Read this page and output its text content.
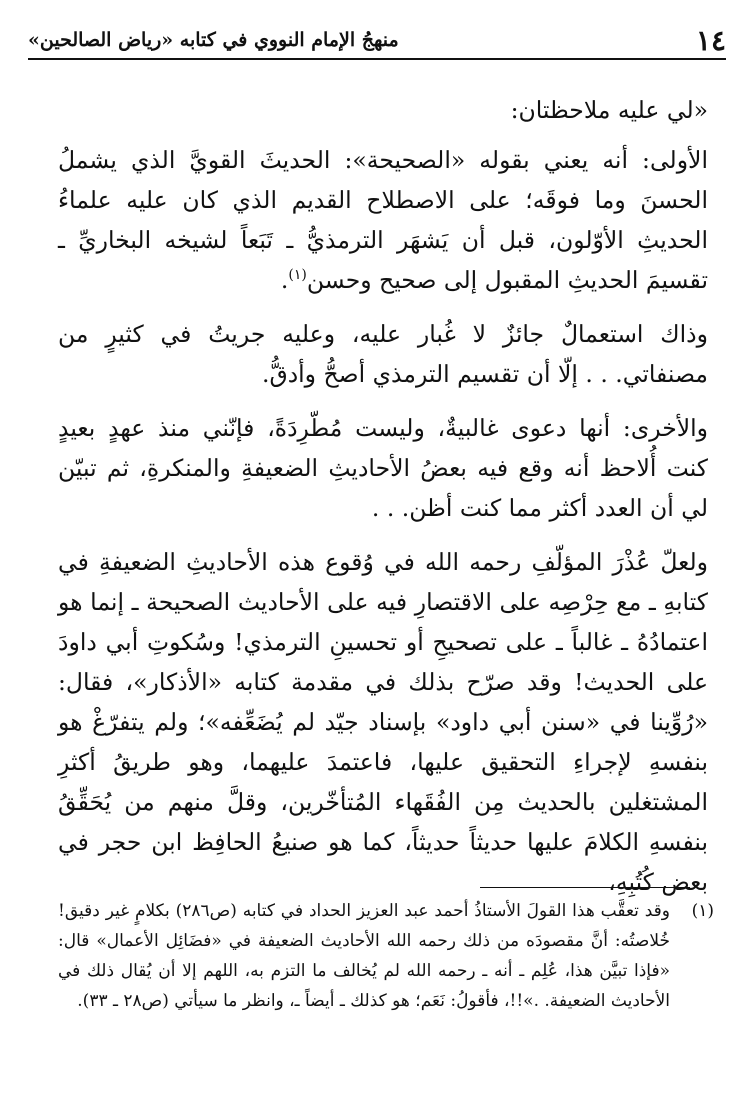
١٤
منهجُ الإمام النووي في كتابه «رياض الصالحين»

«لي عليه ملاحظتان:

الأولى: أنه يعني بقوله «الصحيحة»: الحديثَ القويَّ الذي يشملُ الحسنَ وما فوقَه؛ على الاصطلاح القديم الذي كان عليه علماءُ الحديثِ الأوّلون، قبل أن يَشهَر الترمذيُّ ـ تَبَعاً لشيخه البخاريِّ ـ تقسيمَ الحديثِ المقبول إلى صحيح وحسن$^{(١)}$.

وذاك استعمالٌ جائزٌ لا غُبار عليه، وعليه جريتُ في كثيرٍ من مصنفاتي. . . إلّا أن تقسيم الترمذي أصحُّ وأدقُّ.

والأخرى: أنها دعوى غالبيةٌ، وليست مُطّرِدَةً، فإنّني منذ عهدٍ بعيدٍ كنت أُلاحظ أنه وقع فيه بعضُ الأحاديثِ الضعيفةِ والمنكرةِ، ثم تبيّن لي أن العدد أكثر مما كنت أظن. . .

ولعلّ عُذْرَ المؤلّفِ رحمه الله في وُقوع هذه الأحاديثِ الضعيفةِ في كتابهِ ـ مع حِرْصِه على الاقتصارِ فيه على الأحاديث الصحيحة ـ إنما هو اعتمادُهُ ـ غالباً ـ على تصحيحِ أو تحسينِ الترمذي! وسُكوتِ أبي داودَ على الحديث! وقد صرّح بذلك في مقدمة كتابه «الأذكار»، فقال: «رُوِّينا في «سنن أبي داود» بإسناد جيّد لم يُضَعِّفه»؛ ولم يتفرّغْ هو بنفسهِ لإجراءِ التحقيق عليها، فاعتمدَ عليهما، وهو طريقُ أكثرِ المشتغلين بالحديث مِن الفُقَهاء المُتأخّرين، وقلَّ منهم من يُحَقِّقُ بنفسهِ الكلامَ عليها حديثاً حديثاً، كما هو صنيعُ الحافِظ ابن حجر في بعض كُتُبِهِ،

(١)
وقد تعقَّب هذا القولَ الأستاذُ أحمد عبد العزيز الحداد في كتابه (ص٢٨٦) بكلامٍ غير دقيق! خُلاصتُه: أنَّ مقصودَه من ذلك رحمه الله الأحاديث الضعيفة في «فضَائِل الأعمال» قال: «فإذا تبيَّن هذا، عُلِم ـ أنه ـ رحمه الله لم يُخالف ما التزم به، اللهم إلا أن يُقال ذلك في الأحاديث الضعيفة. .»!!، فأقولُ: نَعَم؛ هو كذلك ـ أيضاً ـ، وانظر ما سيأتي (ص٢٨ ـ ٣٣).
